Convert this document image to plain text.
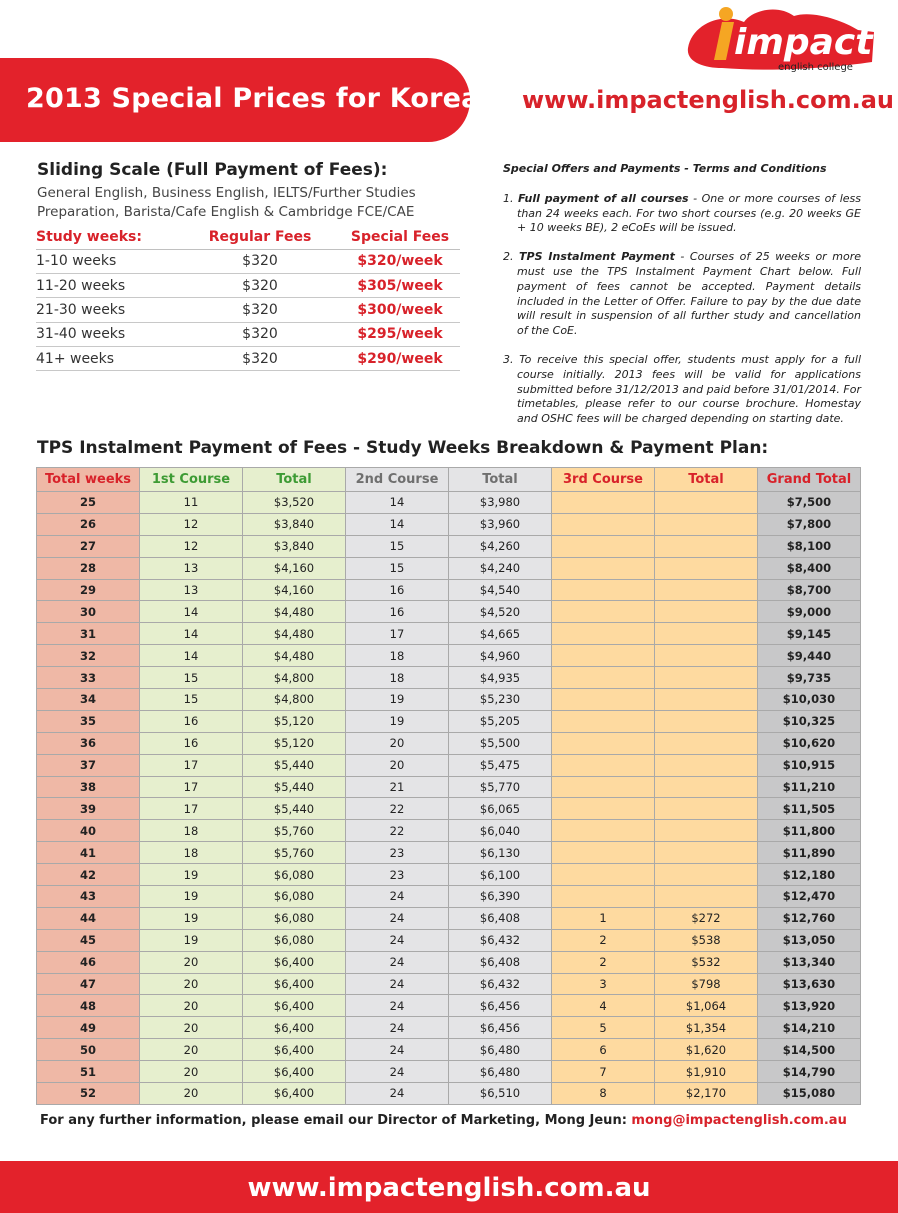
2013 Special Prices for Korea www.impactenglish.com.au
impact
english college
Sliding Scale (Full Payment of Fees):
General English, Business English, IELTS/Further Studies Preparation, Barista/Cafe English & Cambridge FCE/CAE
Study weeks:	Regular Fees	Special Fees
1-10 weeks	$320	$320/week
11-20 weeks	$320	$305/week
21-30 weeks	$320	$300/week
31-40 weeks	$320	$295/week
41+ weeks	$320	$290/week
Special Offers and Payments - Terms and Conditions
1. Full payment of all courses - One or more courses of less than 24 weeks each. For two short courses (e.g. 20 weeks GE + 10 weeks BE), 2 eCoEs will be issued.
2. TPS Instalment Payment - Courses of 25 weeks or more must use the TPS Instalment Payment Chart below. Full payment of fees cannot be accepted. Payment details included in the Letter of Offer. Failure to pay by the due date will result in suspension of all further study and cancellation of the CoE.
3. To receive this special offer, students must apply for a full course initially. 2013 fees will be valid for applications submitted before 31/12/2013 and paid before 31/01/2014. For timetables, please refer to our course brochure. Homestay and OSHC fees will be charged depending on starting date.
TPS Instalment Payment of Fees - Study Weeks Breakdown & Payment Plan:
Total weeks	1st Course	Total	2nd Course	Total	3rd Course	Total	Grand Total
25	11	$3,520	14	$3,980			$7,500
26	12	$3,840	14	$3,960			$7,800
27	12	$3,840	15	$4,260			$8,100
28	13	$4,160	15	$4,240			$8,400
29	13	$4,160	16	$4,540			$8,700
30	14	$4,480	16	$4,520			$9,000
31	14	$4,480	17	$4,665			$9,145
32	14	$4,480	18	$4,960			$9,440
33	15	$4,800	18	$4,935			$9,735
34	15	$4,800	19	$5,230			$10,030
35	16	$5,120	19	$5,205			$10,325
36	16	$5,120	20	$5,500			$10,620
37	17	$5,440	20	$5,475			$10,915
38	17	$5,440	21	$5,770			$11,210
39	17	$5,440	22	$6,065			$11,505
40	18	$5,760	22	$6,040			$11,800
41	18	$5,760	23	$6,130			$11,890
42	19	$6,080	23	$6,100			$12,180
43	19	$6,080	24	$6,390			$12,470
44	19	$6,080	24	$6,408	1	$272	$12,760
45	19	$6,080	24	$6,432	2	$538	$13,050
46	20	$6,400	24	$6,408	2	$532	$13,340
47	20	$6,400	24	$6,432	3	$798	$13,630
48	20	$6,400	24	$6,456	4	$1,064	$13,920
49	20	$6,400	24	$6,456	5	$1,354	$14,210
50	20	$6,400	24	$6,480	6	$1,620	$14,500
51	20	$6,400	24	$6,480	7	$1,910	$14,790
52	20	$6,400	24	$6,510	8	$2,170	$15,080
For any further information, please email our Director of Marketing, Mong Jeun: mong@impactenglish.com.au
www.impactenglish.com.au
